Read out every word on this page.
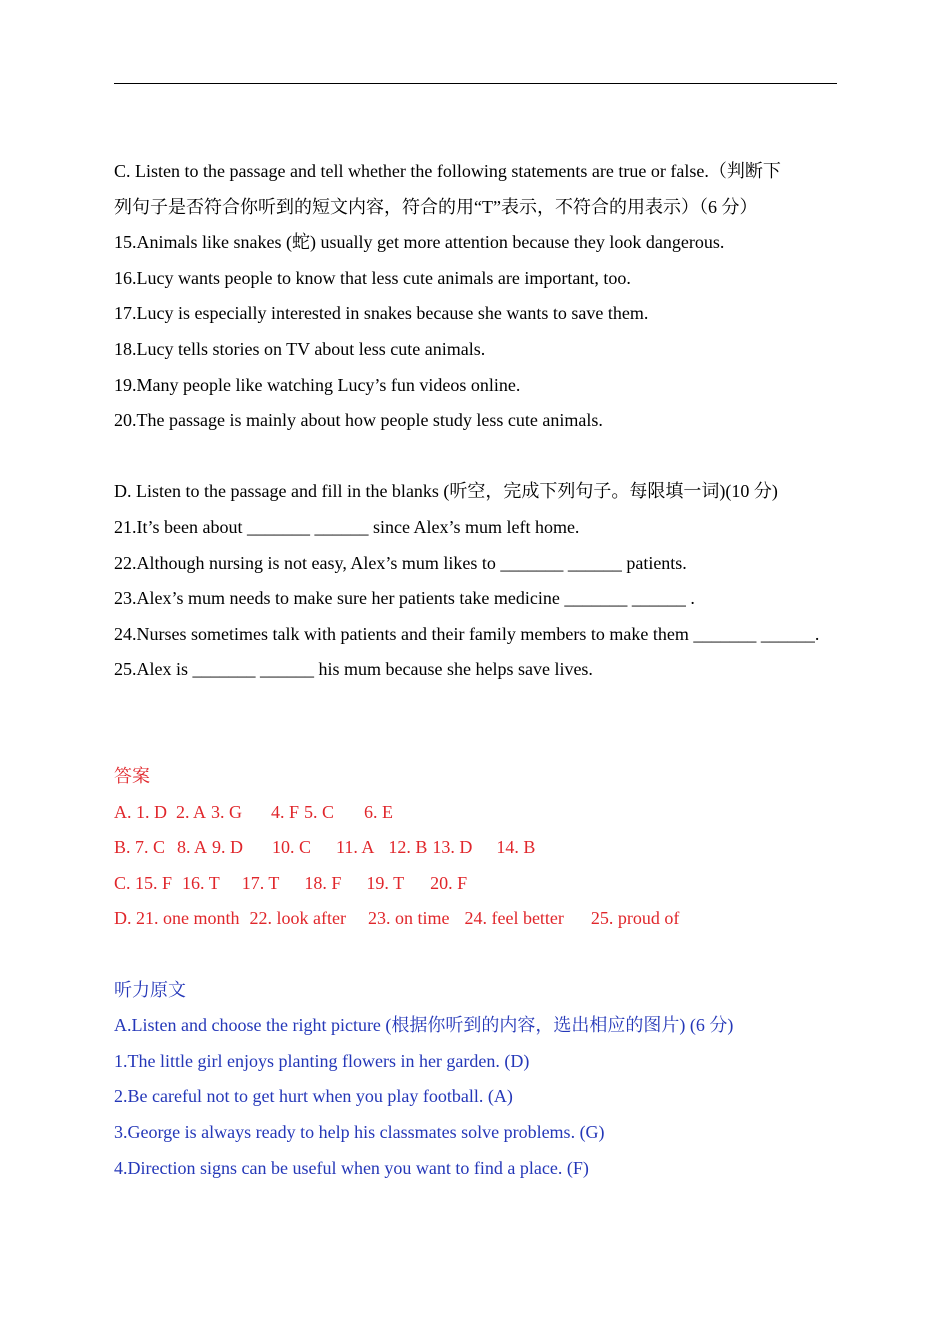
C. Listen to the passage and tell whether the following statements are true or false.（判断下
列句子是否符合你听到的短文内容，符合的用“T”表示，不符合的用表示）（6 分）
15.Animals like snakes (蛇) usually get more attention because they look dangerous.
16.Lucy wants people to know that less cute animals are important, too.
17.Lucy is especially interested in snakes because she wants to save them.
18.Lucy tells stories on TV about less cute animals.
19.Many people like watching Lucy’s fun videos online.
20.The passage is mainly about how people study less cute animals.
D. Listen to the passage and fill in the blanks (听空，完成下列句子。每限填一词)(10 分)
21.It’s been about _______ ______ since Alex’s mum left home.
22.Although nursing is not easy, Alex’s mum likes to _______ ______ patients.
23.Alex’s mum needs to make sure her patients take medicine _______ ______ .
24.Nurses sometimes talk with patients and their family members to make them _______ ______.
25.Alex is _______ ______ his mum because she helps save lives.
答案
A. 1. D 2. A 3. G 4. F 5. C 6. E
B. 7. C 8. A 9. D 10. C 11. A 12. B 13. D 14. B
C. 15. F 16. T 17. T 18. F 19. T 20. F
D. 21. one month 22. look after 23. on time 24. feel better 25. proud of
听力原文
A.Listen and choose the right picture (根据你听到的内容，选出相应的图片) (6 分)
1.The little girl enjoys planting flowers in her garden. (D)
2.Be careful not to get hurt when you play football. (A)
3.George is always ready to help his classmates solve problems. (G)
4.Direction signs can be useful when you want to find a place. (F)
